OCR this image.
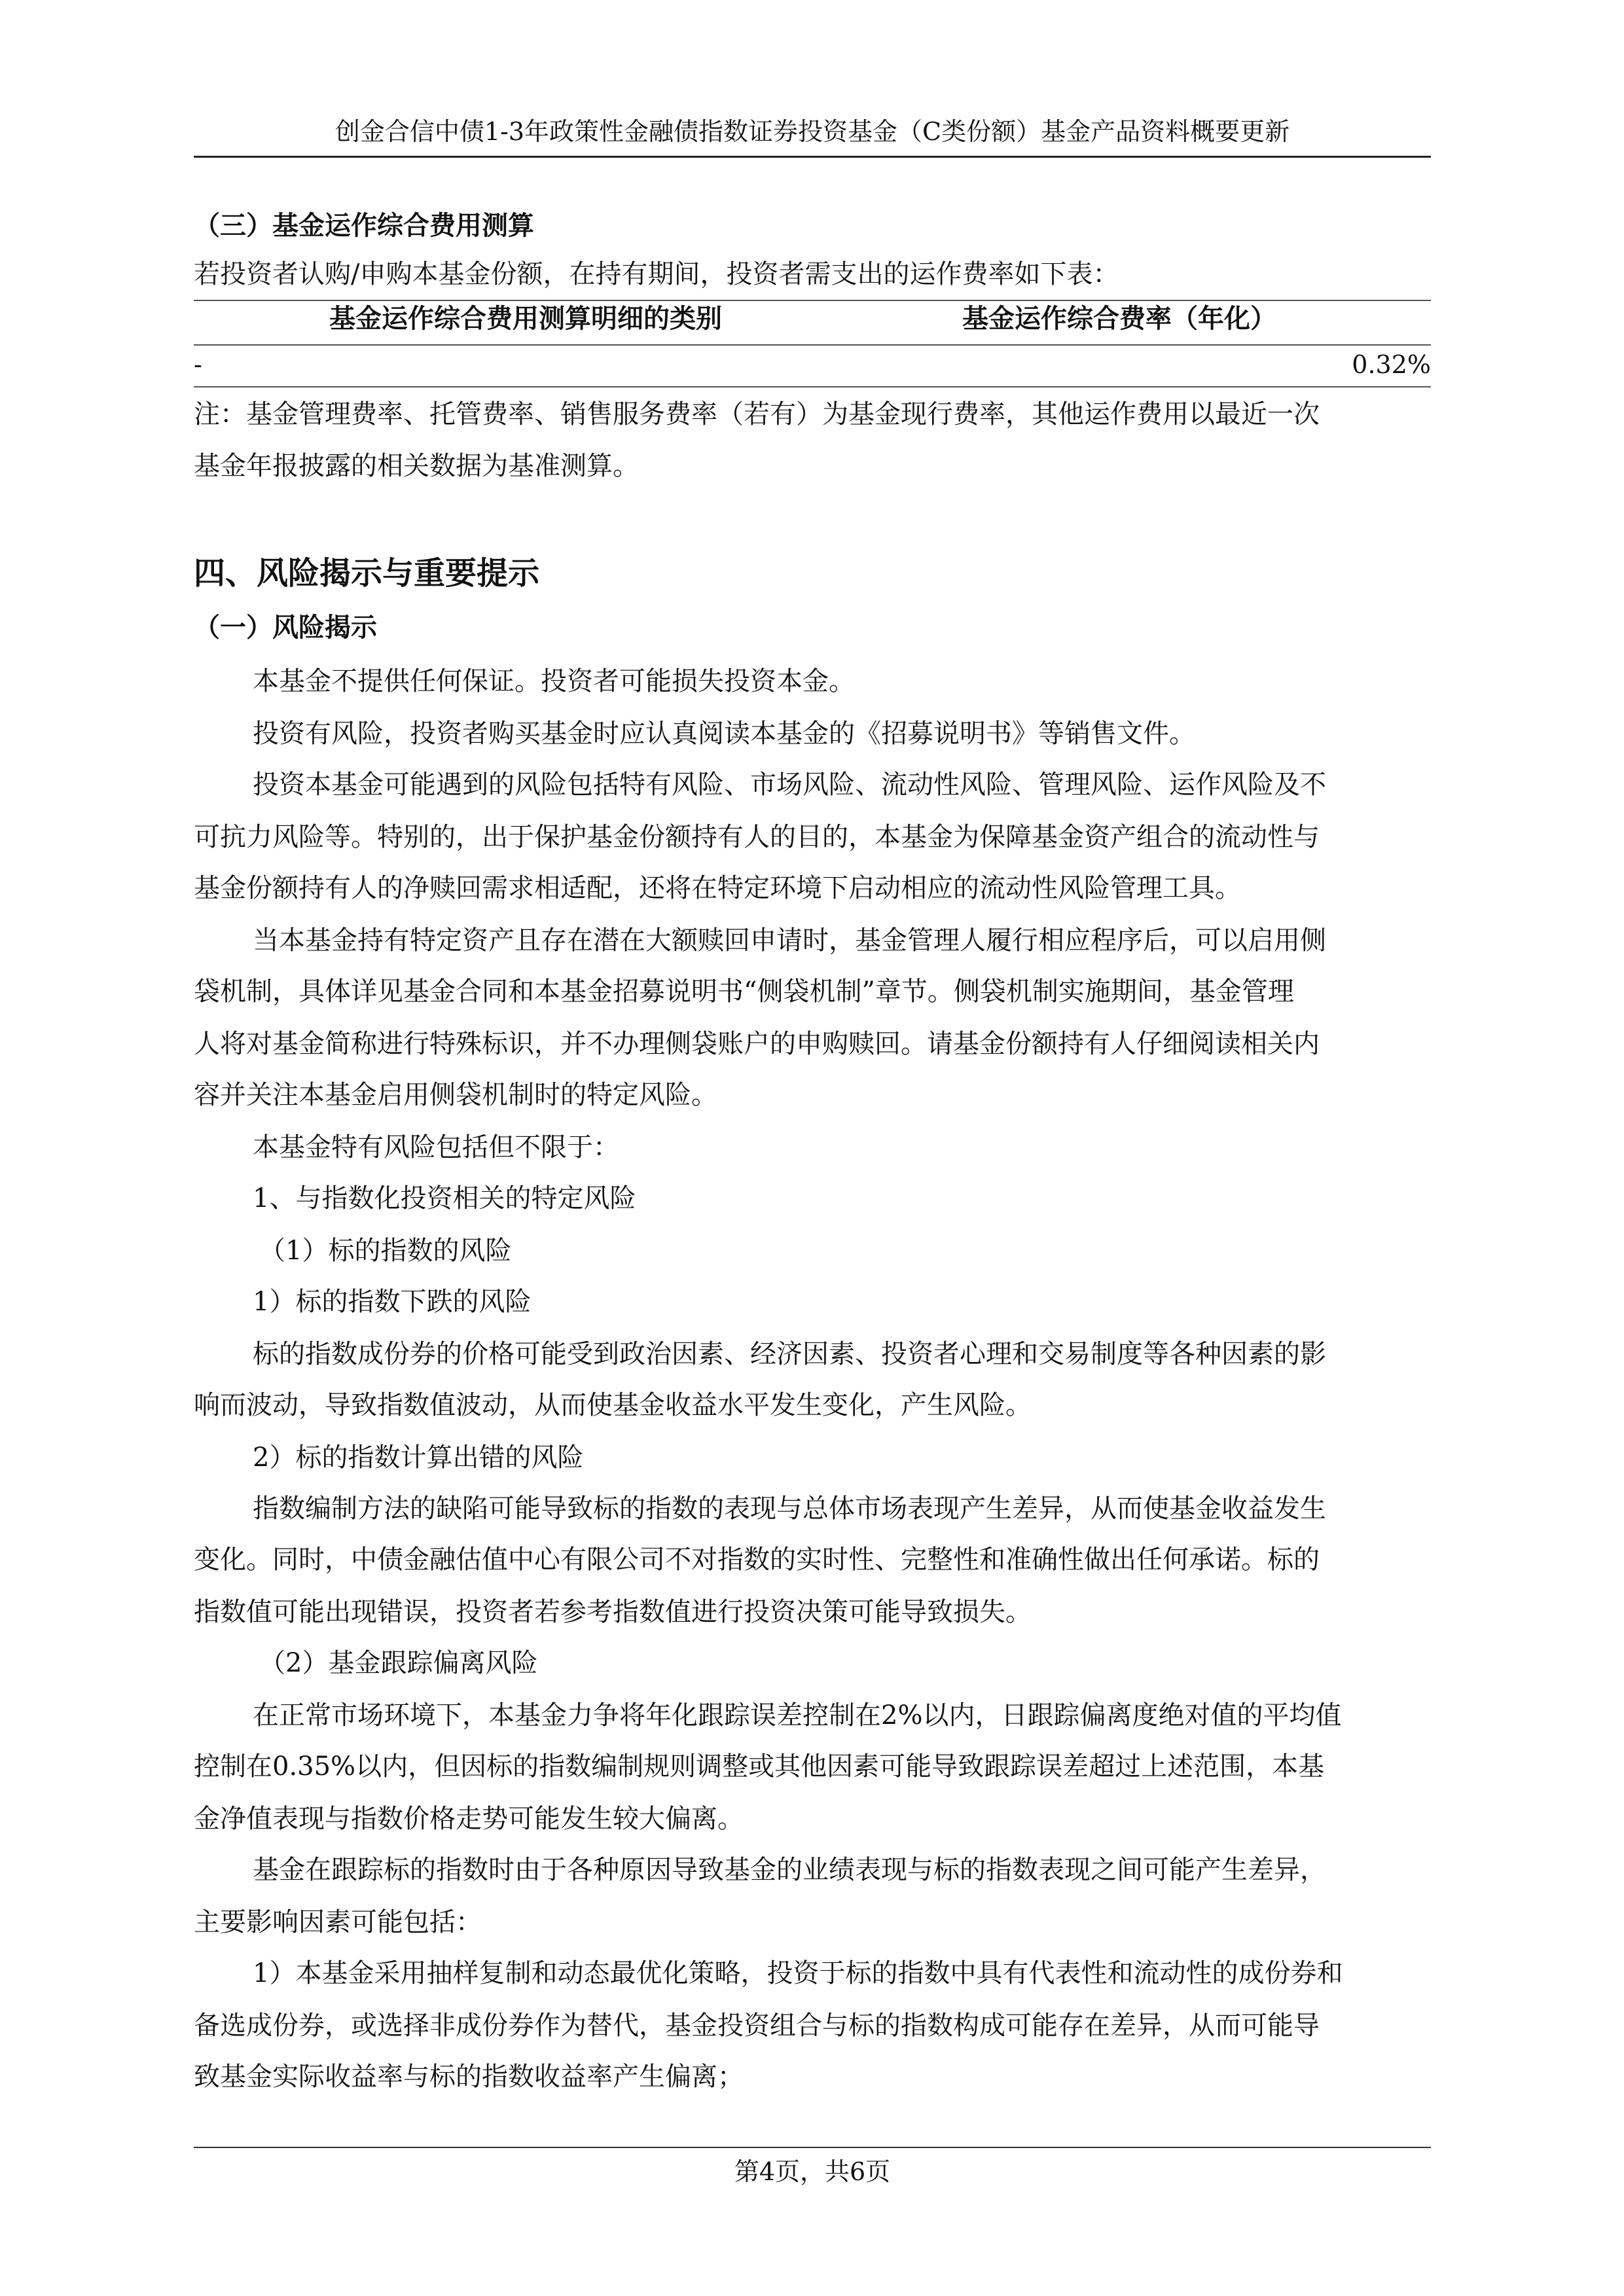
创金合信中债1-3年政策性金融债指数证券投资基金（C类份额）基金产品资料概要更新
（三）基金运作综合费用测算
若投资者认购/申购本基金份额，在持有期间，投资者需支出的运作费率如下表：
基金运作综合费用测算明细的类别	基金运作综合费率（年化）
-	0.32%
注：基金管理费率、托管费率、销售服务费率（若有）为基金现行费率，其他运作费用以最近一次
基金年报披露的相关数据为基准测算。
四、风险揭示与重要提示
（一）风险揭示
本基金不提供任何保证。投资者可能损失投资本金。
投资有风险，投资者购买基金时应认真阅读本基金的《招募说明书》等销售文件。
投资本基金可能遇到的风险包括特有风险、市场风险、流动性风险、管理风险、运作风险及不
可抗力风险等。特别的，出于保护基金份额持有人的目的，本基金为保障基金资产组合的流动性与
基金份额持有人的净赎回需求相适配，还将在特定环境下启动相应的流动性风险管理工具。
当本基金持有特定资产且存在潜在大额赎回申请时，基金管理人履行相应程序后，可以启用侧
袋机制，具体详见基金合同和本基金招募说明书“侧袋机制”章节。侧袋机制实施期间，基金管理
人将对基金简称进行特殊标识，并不办理侧袋账户的申购赎回。请基金份额持有人仔细阅读相关内
容并关注本基金启用侧袋机制时的特定风险。
本基金特有风险包括但不限于：
1、与指数化投资相关的特定风险
（1）标的指数的风险
1）标的指数下跌的风险
标的指数成份券的价格可能受到政治因素、经济因素、投资者心理和交易制度等各种因素的影
响而波动，导致指数值波动，从而使基金收益水平发生变化，产生风险。
2）标的指数计算出错的风险
指数编制方法的缺陷可能导致标的指数的表现与总体市场表现产生差异，从而使基金收益发生
变化。同时，中债金融估值中心有限公司不对指数的实时性、完整性和准确性做出任何承诺。标的
指数值可能出现错误，投资者若参考指数值进行投资决策可能导致损失。
（2）基金跟踪偏离风险
在正常市场环境下，本基金力争将年化跟踪误差控制在2%以内，日跟踪偏离度绝对值的平均值
控制在0.35%以内，但因标的指数编制规则调整或其他因素可能导致跟踪误差超过上述范围，本基
金净值表现与指数价格走势可能发生较大偏离。
基金在跟踪标的指数时由于各种原因导致基金的业绩表现与标的指数表现之间可能产生差异，
主要影响因素可能包括：
1）本基金采用抽样复制和动态最优化策略，投资于标的指数中具有代表性和流动性的成份券和
备选成份券，或选择非成份券作为替代，基金投资组合与标的指数构成可能存在差异，从而可能导
致基金实际收益率与标的指数收益率产生偏离；
第4页，共6页
